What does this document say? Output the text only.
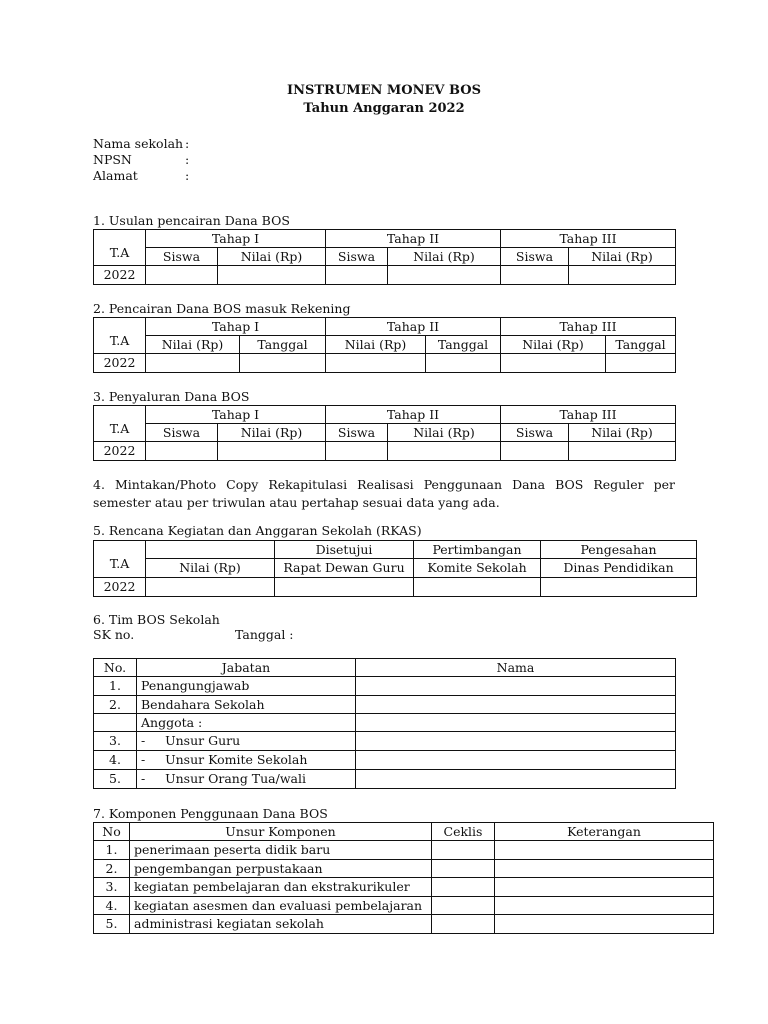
INSTRUMEN MONEV BOS
Tahun Anggaran 2022
Nama sekolah :
NPSN	:
Alamat	:
1. Usulan pencairan Dana BOS
T.A	Tahap I		Tahap II		Tahap III	
	Siswa	Nilai (Rp)	Siswa	Nilai (Rp)	Siswa	Nilai (Rp)
2022						
2. Pencairan Dana BOS masuk Rekening
T.A	Tahap I		Tahap II		Tahap III	
	Nilai (Rp)	Tanggal	Nilai (Rp)	Tanggal	Nilai (Rp)	Tanggal
2022						
3. Penyaluran Dana BOS
T.A	Tahap I		Tahap II		Tahap III	
	Siswa	Nilai (Rp)	Siswa	Nilai (Rp)	Siswa	Nilai (Rp)
2022						
4. Mintakan/Photo Copy Rekapitulasi Realisasi Penggunaan Dana BOS Reguler per semester atau per triwulan atau pertahap sesuai data yang ada.
5. Rencana Kegiatan dan Anggaran Sekolah (RKAS)
T.A		Disetujui	Pertimbangan	Pengesahan
	Nilai (Rp)	Rapat Dewan Guru	Komite Sekolah	Dinas Pendidikan
2022				
6. Tim BOS Sekolah
SK no.	Tanggal :
No.	Jabatan	Nama
1.	Penangungjawab	
2.	Bendahara Sekolah	
	Anggota :	
3.	-     Unsur Guru	
4.	-     Unsur Komite Sekolah	
5.	-     Unsur Orang Tua/wali	
7. Komponen Penggunaan Dana BOS
No	Unsur Komponen	Ceklis	Keterangan
1.	penerimaan peserta didik baru		
2.	pengembangan perpustakaan		
3.	kegiatan pembelajaran dan ekstrakurikuler		
4.	kegiatan asesmen dan evaluasi pembelajaran		
5.	administrasi kegiatan sekolah		
